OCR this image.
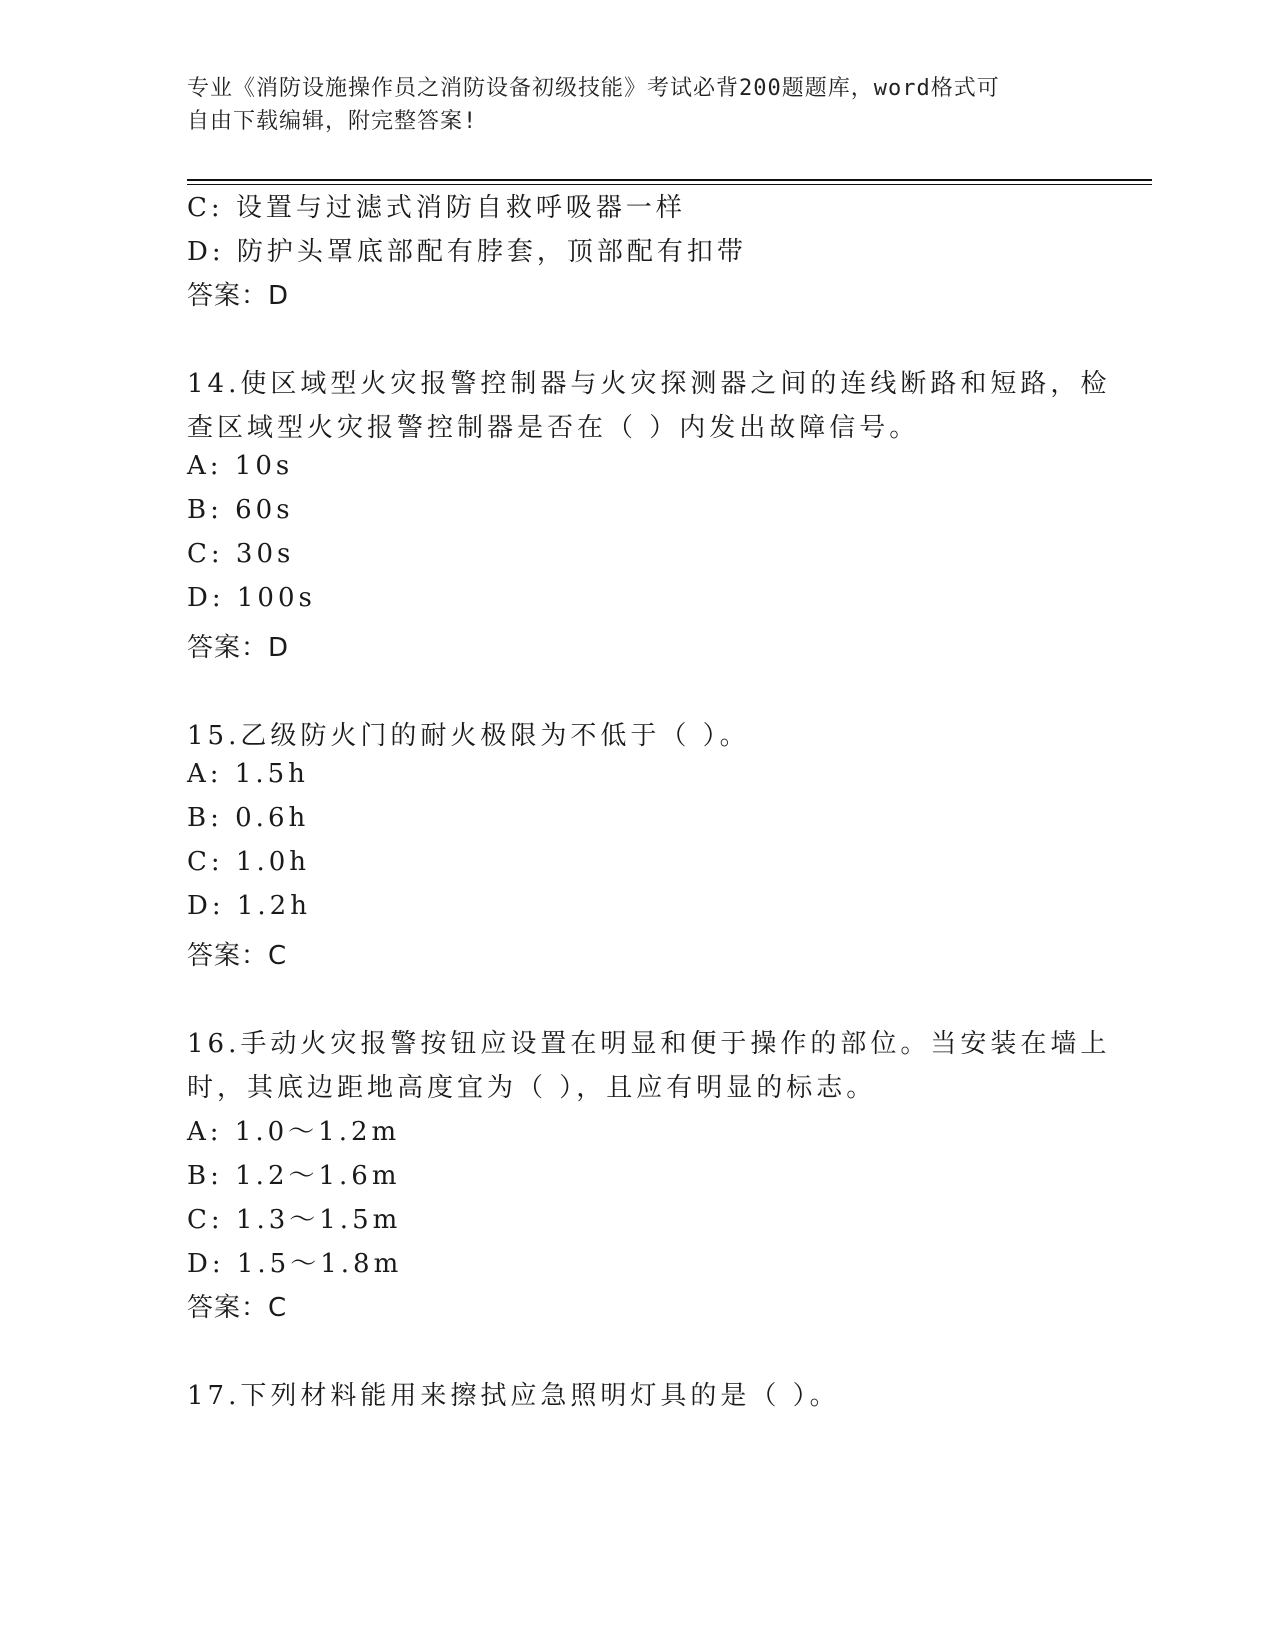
专业《消防设施操作员之消防设备初级技能》考试必背200题题库，word格式可
自由下载编辑，附完整答案!
C: 设置与过滤式消防自救呼吸器一样
D: 防护头罩底部配有脖套，顶部配有扣带
答案：D
14.使区域型火灾报警控制器与火灾探测器之间的连线断路和短路，检
查区域型火灾报警控制器是否在（ ）内发出故障信号。
A: 10s
B: 60s
C: 30s
D: 100s
答案：D
15.乙级防火门的耐火极限为不低于（ ）。
A: 1.5h
B: 0.6h
C: 1.0h
D: 1.2h
答案：C
16.手动火灾报警按钮应设置在明显和便于操作的部位。当安装在墙上
时，其底边距地高度宜为（ ），且应有明显的标志。
A: 1.0～1.2m
B: 1.2～1.6m
C: 1.3～1.5m
D: 1.5～1.8m
答案：C
17.下列材料能用来擦拭应急照明灯具的是（ ）。
